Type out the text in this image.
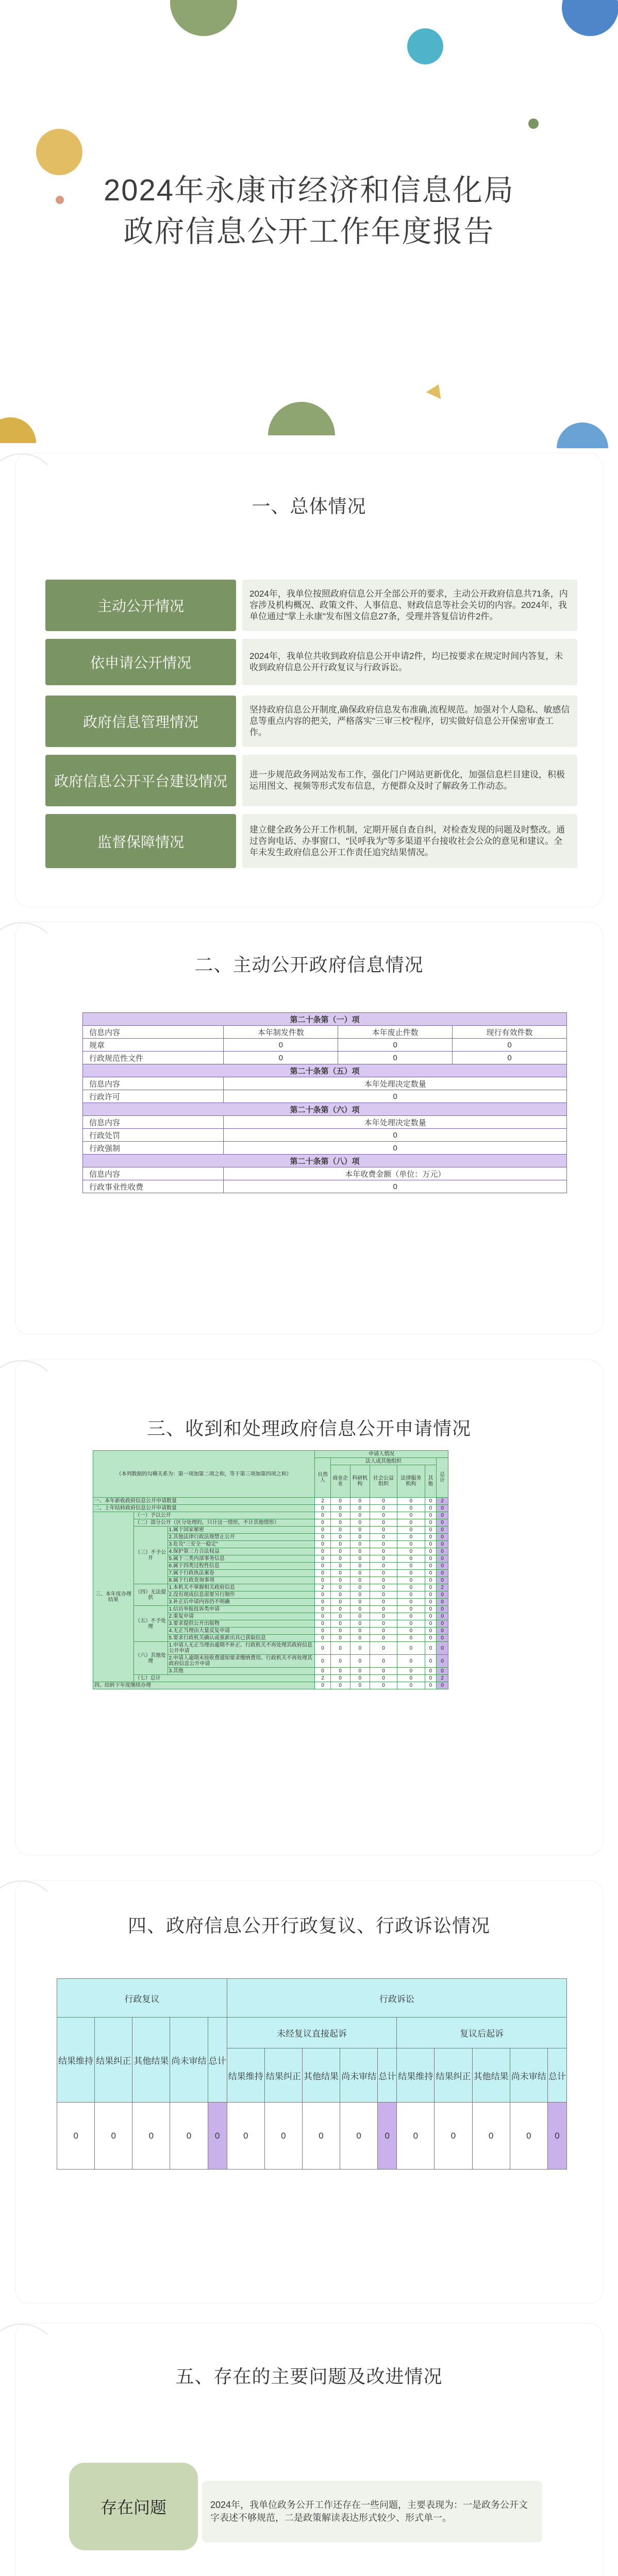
2024年永康市经济和信息化局
政府信息公开工作年度报告
一、总体情况
主动公开情况
2024年，我单位按照政府信息公开全部公开的要求，主动公开政府信息共71条，内容涉及机构概况、政策文件、人事信息、财政信息等社会关切的内容。2024年，我单位通过"掌上永康"发布图文信息27条，受理并答复信访件2件。
依申请公开情况	2024年，我单位共收到政府信息公开申请2件，均已按要求在规定时间内答复，未收到政府信息公开行政复议与行政诉讼。
政府信息管理情况
坚持政府信息公开制度,确保政府信息发布准确,流程规范。加强对个人隐私、敏感信息等重点内容的把关，严格落实"三审三校"程序，切实做好信息公开保密审查工作。
政府信息公开平台建设情况	进一步规范政务网站发布工作，强化门户网站更新优化，加强信息栏目建设，积极运用图文、视频等形式发布信息，方便群众及时了解政务工作动态。
监督保障情况
建立健全政务公开工作机制，定期开展自查自纠，对检查发现的问题及时整改。通过咨询电话、办事窗口、"民呼我为"等多渠道平台接收社会公众的意见和建议。全年未发生政府信息公开工作责任追究结果情况。
二、主动公开政府信息情况
第二十条第（一）项			
信息内容	本年制发件数	本年废止件数	现行有效件数
规章	0	0	0
行政规范性文件	0	0	0
第二十条第（五）项			
信息内容	本年处理决定数量		
行政许可	0		
第二十条第（六）项			
信息内容	本年处理决定数量		
行政处罚	0		
行政强制	0		
第二十条第（八）项			
信息内容	本年收费金额（单位：万元）		
行政事业性收费	0		
三、收到和处理政府信息公开申请情况
（本列数据的勾稽关系为：第一项加第二项之和，等于第三项加第四项之和）			申请人情况						
			自然人	法人或其他组织					总计
				商业企业	科研机构	社会公益组织	法律服务机构	其他	
一、本年新收政府信息公开申请数量			2	0	0	0	0	0	2
二、上年结转政府信息公开申请数量			0	0	0	0	0	0	0
三、本年度办理结果	（一）予以公开		0	0	0	0	0	0	0
	（二）部分公开（区分处理的，只计这一情形，不计其他情形）		0	0	0	0	0	0	0
	（三）不予公开	1.属于国家秘密	0	0	0	0	0	0	0
		2.其他法律行政法规禁止公开	0	0	0	0	0	0	0
		3.危及"三安全一稳定"	0	0	0	0	0	0	0
		4.保护第三方合法权益	0	0	0	0	0	0	0
		5.属于三类内部事务信息	0	0	0	0	0	0	0
		6.属于四类过程性信息	0	0	0	0	0	0	0
		7.属于行政执法案卷	0	0	0	0	0	0	0
		8.属于行政查询事项	0	0	0	0	0	0	0
	（四）无法提供	1.本机关不掌握相关政府信息	2	0	0	0	0	0	2
		2.没有现成信息需要另行制作	0	0	0	0	0	0	0
		3.补正后申请内容仍不明确	0	0	0	0	0	0	0
	（五）不予处理	1.信访举报投诉类申请	0	0	0	0	0	0	0
		2.重复申请	0	0	0	0	0	0	0
		3.要求提供公开出版物	0	0	0	0	0	0	0
		4.无正当理由大量反复申请	0	0	0	0	0	0	0
		5.要求行政机关确认或重新出具已获取信息	0	0	0	0	0	0	0
	（六）其他处理	1.申请人无正当理由逾期不补正、行政机关不再处理其政府信息公开申请	0	0	0	0	0	0	0
		2.申请人逾期未按收费通知要求缴纳费用、行政机关不再处理其政府信息公开申请	0	0	0	0	0	0	0
		3.其他	0	0	0	0	0	0	0
	（七）总计		2	0	0	0	0	0	2
四、结转下年度继续办理			0	0	0	0	0	0	0
四、政府信息公开行政复议、行政诉讼情况
行政复议					行政诉讼									
结果维持	结果纠正	其他结果	尚未审结	总计	未经复议直接起诉					复议后起诉				
					结果维持	结果纠正	其他结果	尚未审结	总计	结果维持	结果纠正	其他结果	尚未审结	总计
0	0	0	0	0	0	0	0	0	0	0	0	0	0	0
五、存在的主要问题及改进情况
存在问题	2024年，我单位政务公开工作还存在一些问题，主要表现为：一是政务公开文字表述不够规范，二是政策解读表达形式较少、形式单一。
